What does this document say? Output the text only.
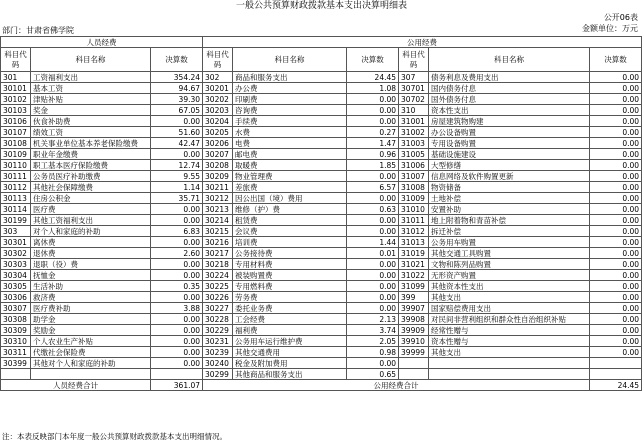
一般公共预算财政拨款基本支出决算明细表
公开06表
金额单位：万元
部门：甘肃省佛学院
人员经费			公用经费					
科目代码	科目名称	决算数	科目代码	科目名称	决算数	科目代码	科目名称	决算数
301	工资福利支出	354.24	302	商品和服务支出	24.45	307	债务利息及费用支出	0.00
30101	基本工资	94.67	30201	办公费	1.08	30701	国内债务付息	0.00
30102	津贴补贴	39.30	30202	印刷费	0.00	30702	国外债务付息	0.00
30103	奖金	67.05	30203	咨询费	0.00	310	资本性支出	0.00
30106	伙食补助费	0.00	30204	手续费	0.00	31001	房屋建筑物购建	0.00
30107	绩效工资	51.60	30205	水费	0.27	31002	办公设备购置	0.00
30108	机关事业单位基本养老保险缴费	42.47	30206	电费	1.47	31003	专用设备购置	0.00
30109	职业年金缴费	0.00	30207	邮电费	0.96	31005	基础设施建设	0.00
30110	职工基本医疗保险缴费	12.74	30208	取暖费	1.85	31006	大型修缮	0.00
30111	公务员医疗补助缴费	9.55	30209	物业管理费	0.00	31007	信息网络及软件购置更新	0.00
30112	其他社会保障缴费	1.14	30211	差旅费	6.57	31008	物资储备	0.00
30113	住房公积金	35.71	30212	因公出国（境）费用	0.00	31009	土地补偿	0.00
30114	医疗费	0.00	30213	维修（护）费	0.63	31010	安置补助	0.00
30199	其他工资福利支出	0.00	30214	租赁费	0.00	31011	地上附着物和青苗补偿	0.00
303	对个人和家庭的补助	6.83	30215	会议费	0.00	31012	拆迁补偿	0.00
30301	离休费	0.00	30216	培训费	1.44	31013	公务用车购置	0.00
30302	退休费	2.60	30217	公务接待费	0.01	31019	其他交通工具购置	0.00
30303	退职（役）费	0.00	30218	专用材料费	0.00	31021	文物和陈列品购置	0.00
30304	抚恤金	0.00	30224	被装购置费	0.00	31022	无形资产购置	0.00
30305	生活补助	0.35	30225	专用燃料费	0.00	31099	其他资本性支出	0.00
30306	救济费	0.00	30226	劳务费	0.00	399	其他支出	0.00
30307	医疗费补助	3.88	30227	委托业务费	0.00	39907	国家赔偿费用支出	0.00
30308	助学金	0.00	30228	工会经费	2.13	39908	对民间非营利组织和群众性自治组织补贴	0.00
30309	奖励金	0.00	30229	福利费	3.74	39909	经常性赠与	0.00
30310	个人农业生产补贴	0.00	30231	公务用车运行维护费	2.05	39910	资本性赠与	0.00
30311	代缴社会保险费	0.00	30239	其他交通费用	0.98	39999	其他支出	0.00
30399	其他对个人和家庭的补助	0.00	30240	税金及附加费用	0.00			
			30299	其他商品和服务支出	0.65			
人员经费合计		361.07	公用经费合计					24.45
注：本表反映部门本年度一般公共预算财政拨款基本支出明细情况。
